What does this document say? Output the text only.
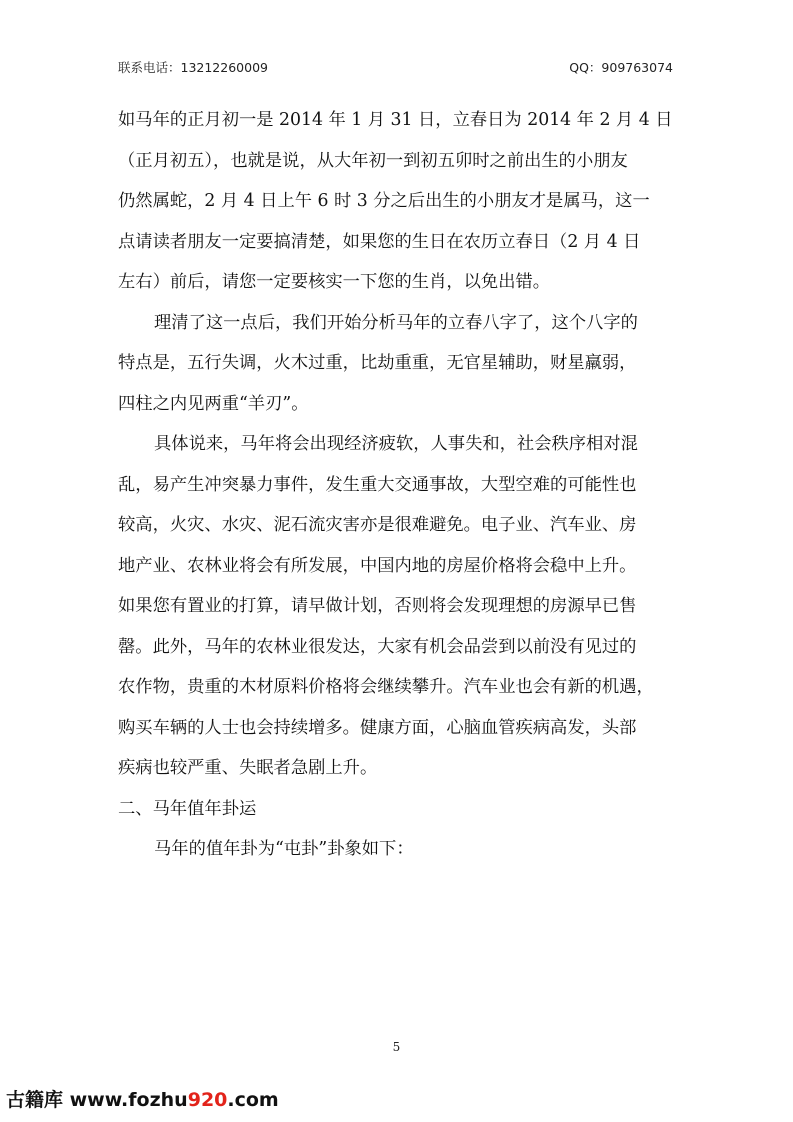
联系电话：13212260009	QQ：909763074
如马年的正月初一是 2014 年 1 月 31 日，立春日为 2014 年 2 月 4 日
（正月初五），也就是说，从大年初一到初五卯时之前出生的小朋友
仍然属蛇，2 月 4 日上午 6 时 3 分之后出生的小朋友才是属马，这一
点请读者朋友一定要搞清楚，如果您的生日在农历立春日（2 月 4 日
左右）前后，请您一定要核实一下您的生肖，以免出错。
理清了这一点后，我们开始分析马年的立春八字了，这个八字的
特点是，五行失调，火木过重，比劫重重，无官星辅助，财星羸弱，
四柱之内见两重“羊刃”。
具体说来，马年将会出现经济疲软，人事失和，社会秩序相对混
乱，易产生冲突暴力事件，发生重大交通事故，大型空难的可能性也
较高，火灾、水灾、泥石流灾害亦是很难避免。电子业、汽车业、房
地产业、农林业将会有所发展，中国内地的房屋价格将会稳中上升。
如果您有置业的打算，请早做计划，否则将会发现理想的房源早已售
罄。此外，马年的农林业很发达，大家有机会品尝到以前没有见过的
农作物，贵重的木材原料价格将会继续攀升。汽车业也会有新的机遇，
购买车辆的人士也会持续增多。健康方面，心脑血管疾病高发，头部
疾病也较严重、失眠者急剧上升。
二、马年值年卦运
马年的值年卦为“屯卦”卦象如下：
5
古籍库 www.fozhu920.com
